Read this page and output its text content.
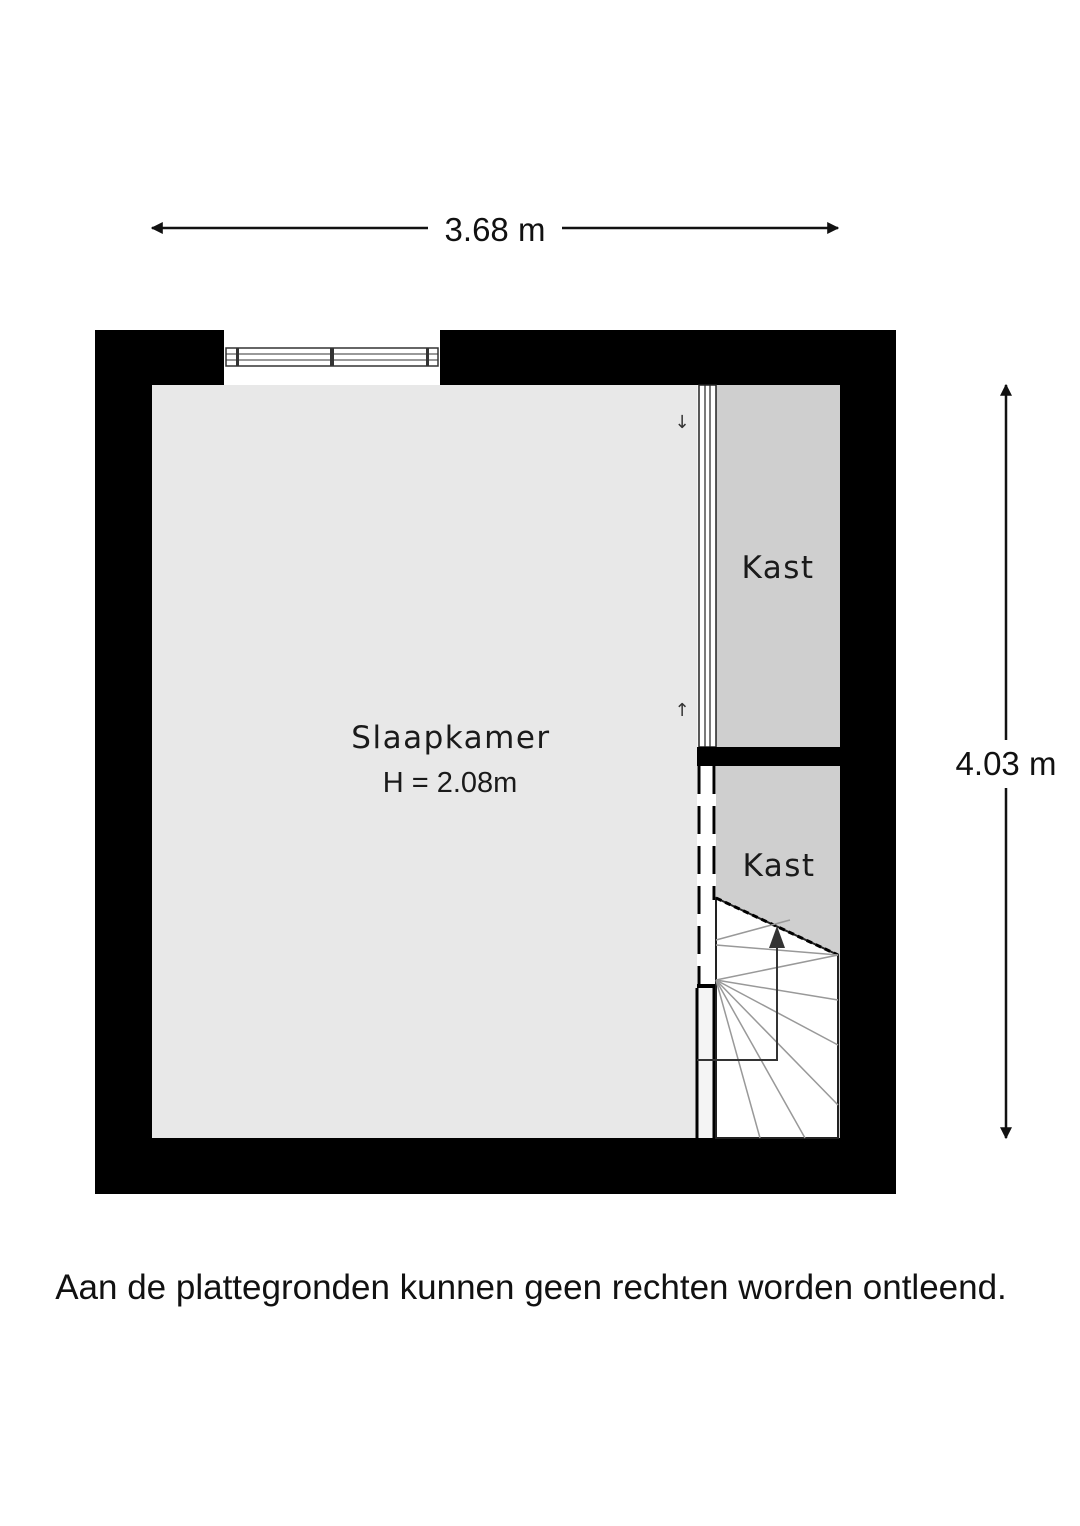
3.68 m
4.03 m
↓
↑
Slaapkamer
H = 2.08m
Kast
Kast
Aan de plattegronden kunnen geen rechten worden ontleend.
